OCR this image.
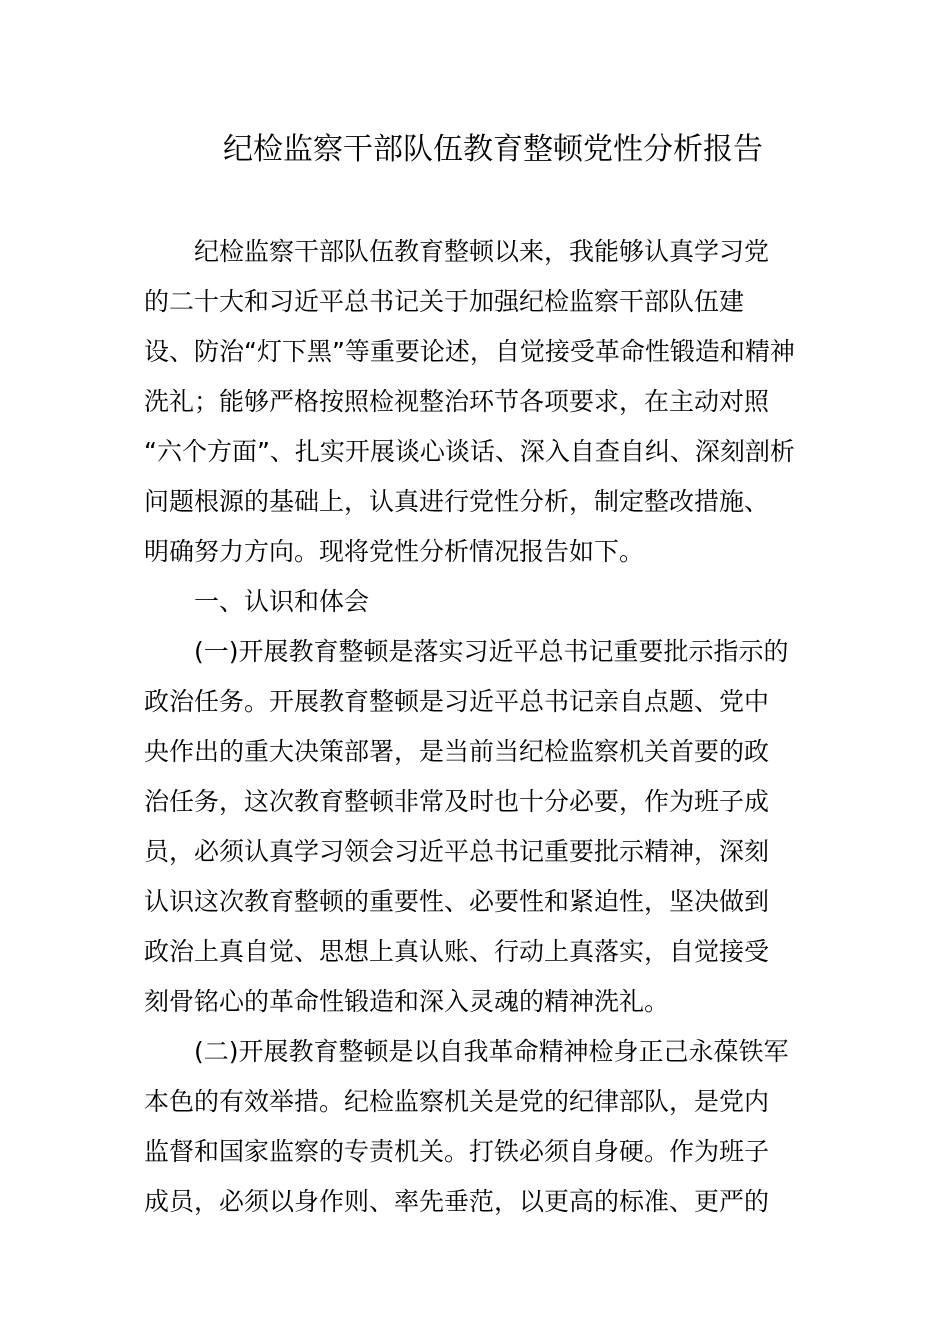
纪检监察干部队伍教育整顿党性分析报告
纪检监察干部队伍教育整顿以来，我能够认真学习党
的二十大和习近平总书记关于加强纪检监察干部队伍建
设、防治“灯下黑”等重要论述，自觉接受革命性锻造和精神
洗礼；能够严格按照检视整治环节各项要求，在主动对照
“六个方面”、扎实开展谈心谈话、深入自查自纠、深刻剖析
问题根源的基础上，认真进行党性分析，制定整改措施、
明确努力方向。现将党性分析情况报告如下。
一、认识和体会
(一)开展教育整顿是落实习近平总书记重要批示指示的
政治任务。开展教育整顿是习近平总书记亲自点题、党中
央作出的重大决策部署，是当前当纪检监察机关首要的政
治任务，这次教育整顿非常及时也十分必要，作为班子成
员，必须认真学习领会习近平总书记重要批示精神，深刻
认识这次教育整顿的重要性、必要性和紧迫性，坚决做到
政治上真自觉、思想上真认账、行动上真落实，自觉接受
刻骨铭心的革命性锻造和深入灵魂的精神洗礼。
(二)开展教育整顿是以自我革命精神检身正己永葆铁军
本色的有效举措。纪检监察机关是党的纪律部队，是党内
监督和国家监察的专责机关。打铁必须自身硬。作为班子
成员，必须以身作则、率先垂范，以更高的标准、更严的
